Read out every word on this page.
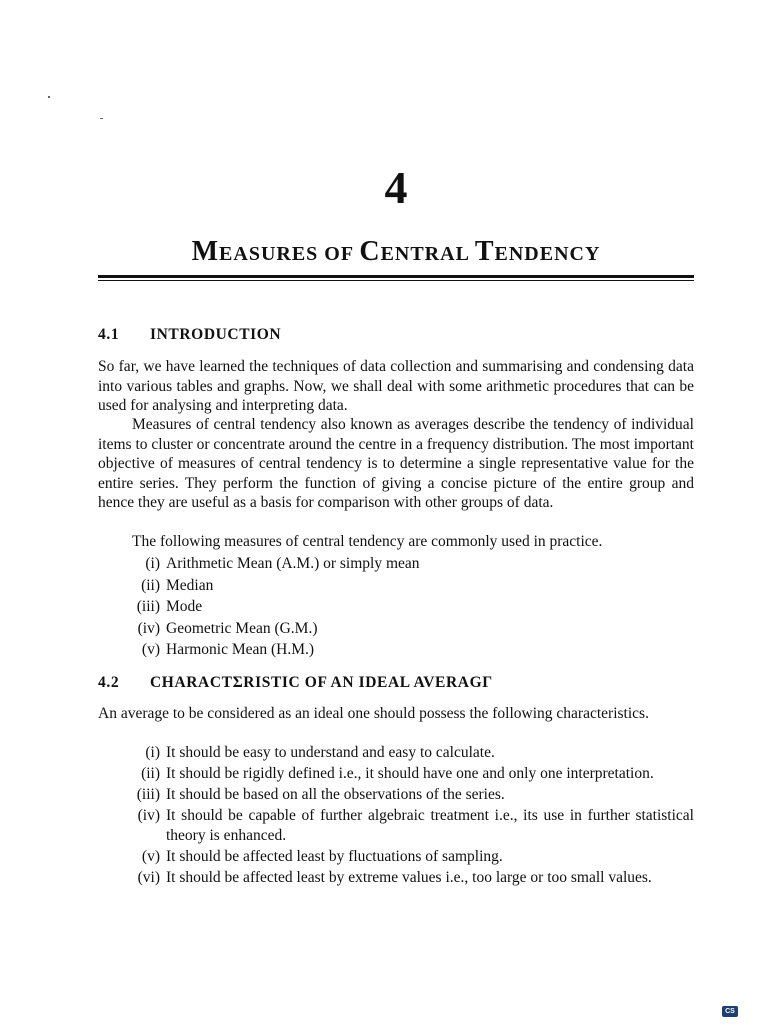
4
MEASURES OF CENTRAL TENDENCY
4.1 INTRODUCTION
So far, we have learned the techniques of data collection and summarising and condensing data into various tables and graphs. Now, we shall deal with some arithmetic procedures that can be used for analysing and interpreting data.
Measures of central tendency also known as averages describe the tendency of individual items to cluster or concentrate around the centre in a frequency distribution. The most important objective of measures of central tendency is to determine a single representative value for the entire series. They perform the function of giving a concise picture of the entire group and hence they are useful as a basis for comparison with other groups of data.
The following measures of central tendency are commonly used in practice.
(i) Arithmetic Mean (A.M.) or simply mean
(ii) Median
(iii) Mode
(iv) Geometric Mean (G.M.)
(v) Harmonic Mean (H.M.)
4.2 CHARACTΣRISTIC OF AN IDEAL AVERAGΓ
An average to be considered as an ideal one should possess the following characteristics.
(i) It should be easy to understand and easy to calculate.
(ii) It should be rigidly defined i.e., it should have one and only one interpretation.
(iii) It should be based on all the observations of the series.
(iv) It should be capable of further algebraic treatment i.e., its use in further statistical theory is enhanced.
(v) It should be affected least by fluctuations of sampling.
(vi) It should be affected least by extreme values i.e., too large or too small values.
CS
